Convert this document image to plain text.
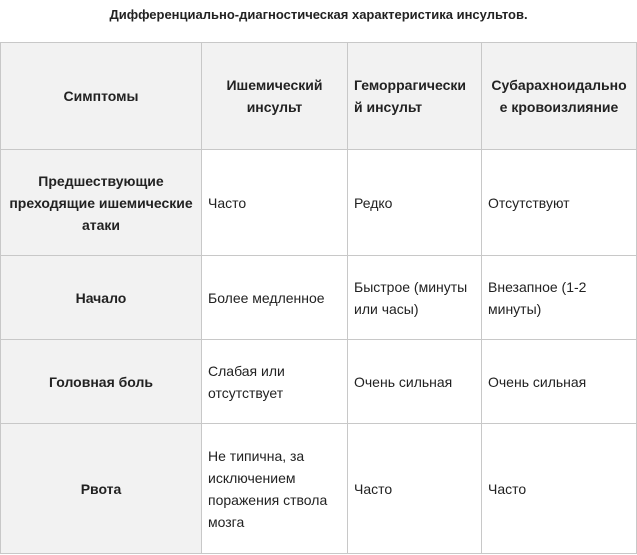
Дифференциально-диагностическая характеристика инсультов.
Симптомы	Ишемический инсульт	Геморрагически й инсульт	Субарахноидально е кровоизлияние
Предшествующие преходящие ишемические атаки	Часто	Редко	Отсутствуют
Начало	Более медленное	Быстрое (минуты или часы)	Внезапное (1-2 минуты)
Головная боль	Слабая или отсутствует	Очень сильная	Очень сильная
Рвота	Не типична, за исключением поражения ствола мозга	Часто	Часто
